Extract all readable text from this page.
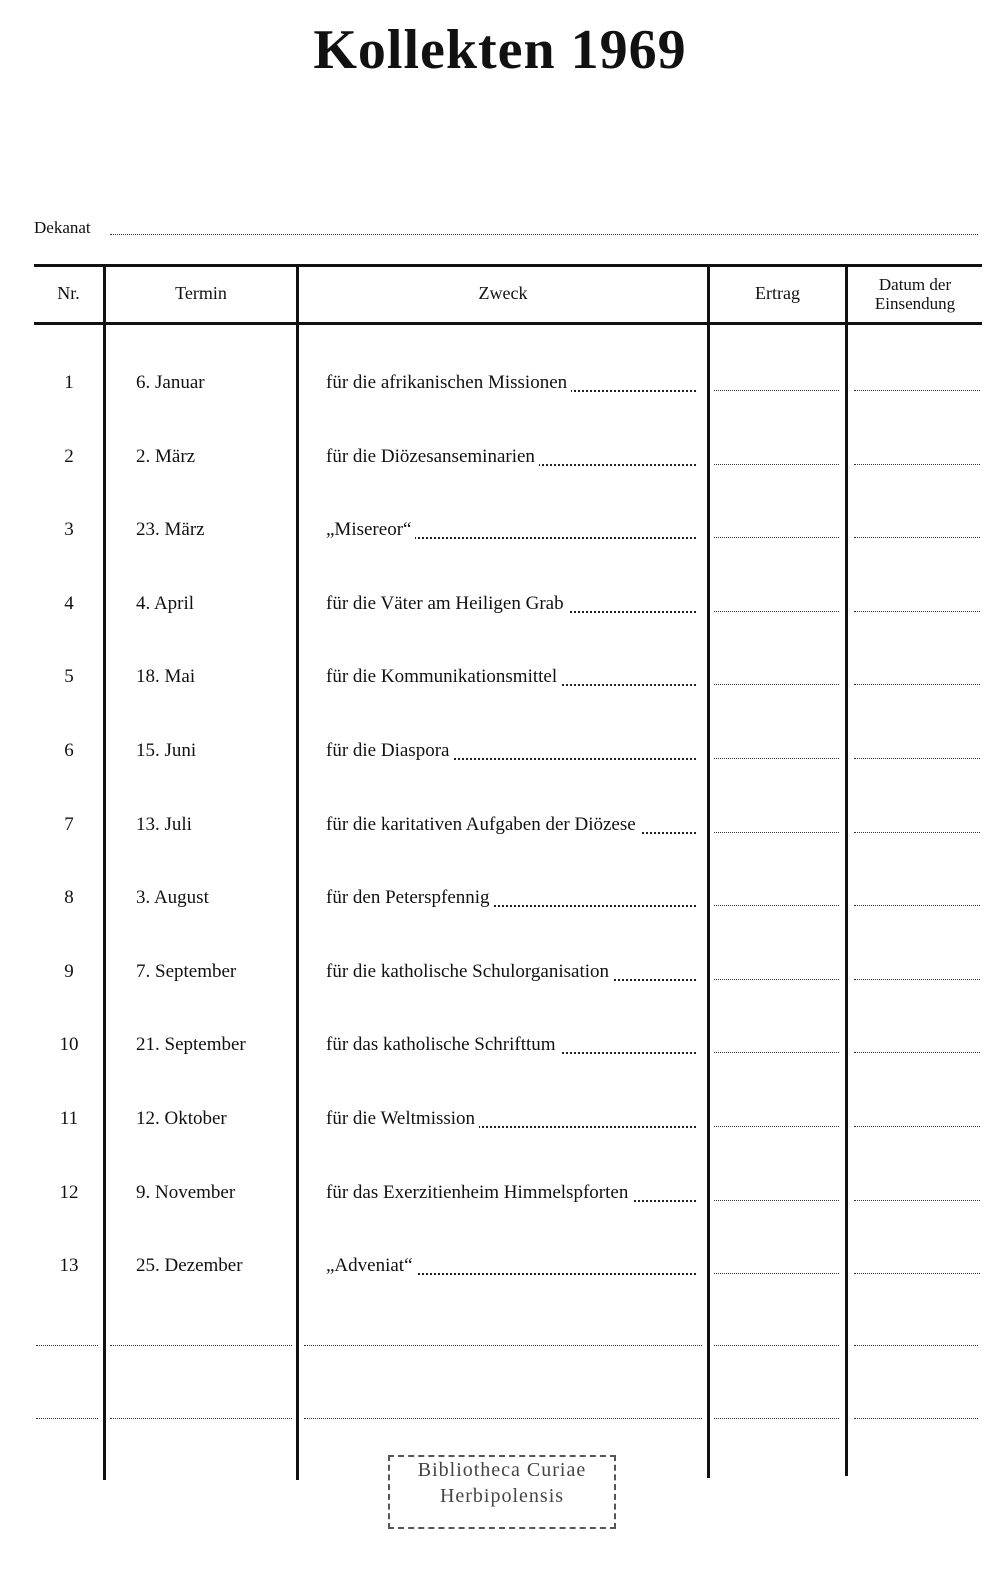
Kollekten 1969
Dekanat
Nr.	Termin	Zweck	Ertrag	Datum der
Einsendung
1	6. Januar	für die afrikanischen Missionen
2	2. März	für die Diözesanseminarien
3	23. März	„Misereor“
4	4. April	für die Väter am Heiligen Grab
5	18. Mai	für die Kommunikationsmittel
6	15. Juni	für die Diaspora
7	13. Juli	für die karitativen Aufgaben der Diözese
8	3. August	für den Peterspfennig
9	7. September	für die katholische Schulorganisation
10	21. September	für das katholische Schrifttum
11	12. Oktober	für die Weltmission
12	9. November	für das Exerzitienheim Himmelspforten
13	25. Dezember	„Adveniat“
Bibliotheca Curiae
Herbipolensis
